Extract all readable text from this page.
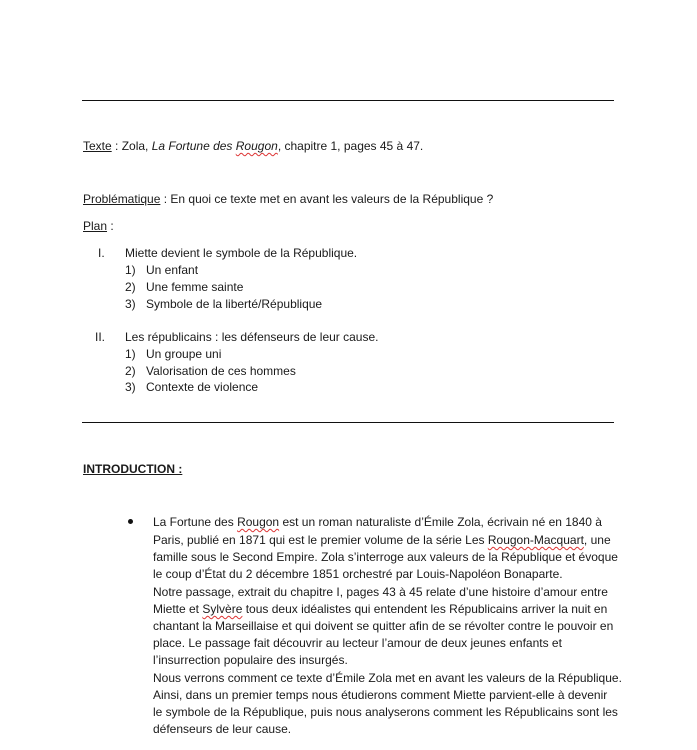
Texte : Zola, La Fortune des Rougon, chapitre 1, pages 45 à 47.
Problématique : En quoi ce texte met en avant les valeurs de la République ?
Plan :
I. Miette devient le symbole de la République.
1) Un enfant
2) Une femme sainte
3) Symbole de la liberté/République
II. Les républicains : les défenseurs de leur cause.
1) Un groupe uni
2) Valorisation de ces hommes
3) Contexte de violence
INTRODUCTION :
La Fortune des Rougon est un roman naturaliste d’Émile Zola, écrivain né en 1840 à
Paris, publié en 1871 qui est le premier volume de la série Les Rougon-Macquart, une
famille sous le Second Empire. Zola s’interroge aux valeurs de la République et évoque
le coup d’État du 2 décembre 1851 orchestré par Louis-Napoléon Bonaparte.
Notre passage, extrait du chapitre I, pages 43 à 45 relate d’une histoire d’amour entre
Miette et Sylvère tous deux idéalistes qui entendent les Républicains arriver la nuit en
chantant la Marseillaise et qui doivent se quitter afin de se révolter contre le pouvoir en
place. Le passage fait découvrir au lecteur l’amour de deux jeunes enfants et
l’insurrection populaire des insurgés.
Nous verrons comment ce texte d’Émile Zola met en avant les valeurs de la République.
Ainsi, dans un premier temps nous étudierons comment Miette parvient-elle à devenir
le symbole de la République, puis nous analyserons comment les Républicains sont les
défenseurs de leur cause.
